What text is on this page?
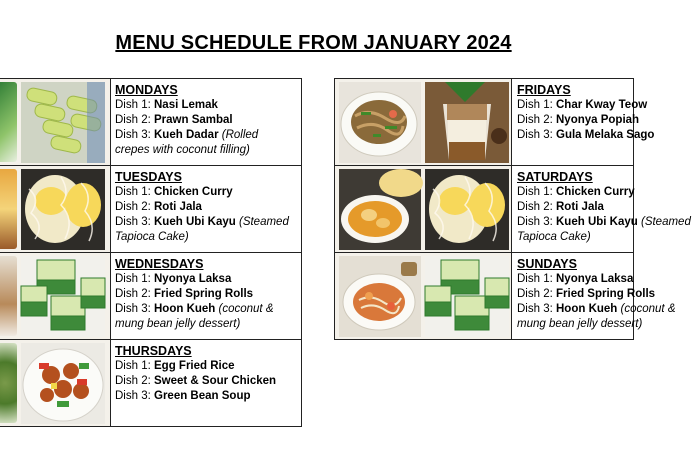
MENU SCHEDULE FROM JANUARY 2024
MONDAYS
Dish 1: Nasi Lemak
Dish 2: Prawn Sambal
Dish 3: Kueh Dadar (Rolled crepes with coconut filling)
TUESDAYS
Dish 1: Chicken Curry
Dish 2: Roti Jala
Dish 3: Kueh Ubi Kayu (Steamed Tapioca Cake)
WEDNESDAYS
Dish 1: Nyonya Laksa
Dish 2: Fried Spring Rolls
Dish 3: Hoon Kueh (coconut & mung bean jelly dessert)
THURSDAYS
Dish 1: Egg Fried Rice
Dish 2: Sweet & Sour Chicken
Dish 3: Green Bean Soup
FRIDAYS
Dish 1: Char Kway Teow
Dish 2: Nyonya Popiah
Dish 3: Gula Melaka Sago
SATURDAYS
Dish 1: Chicken Curry
Dish 2: Roti Jala
Dish 3: Kueh Ubi Kayu (Steamed Tapioca Cake)
SUNDAYS
Dish 1: Nyonya Laksa
Dish 2: Fried Spring Rolls
Dish 3: Hoon Kueh (coconut & mung bean jelly dessert)
